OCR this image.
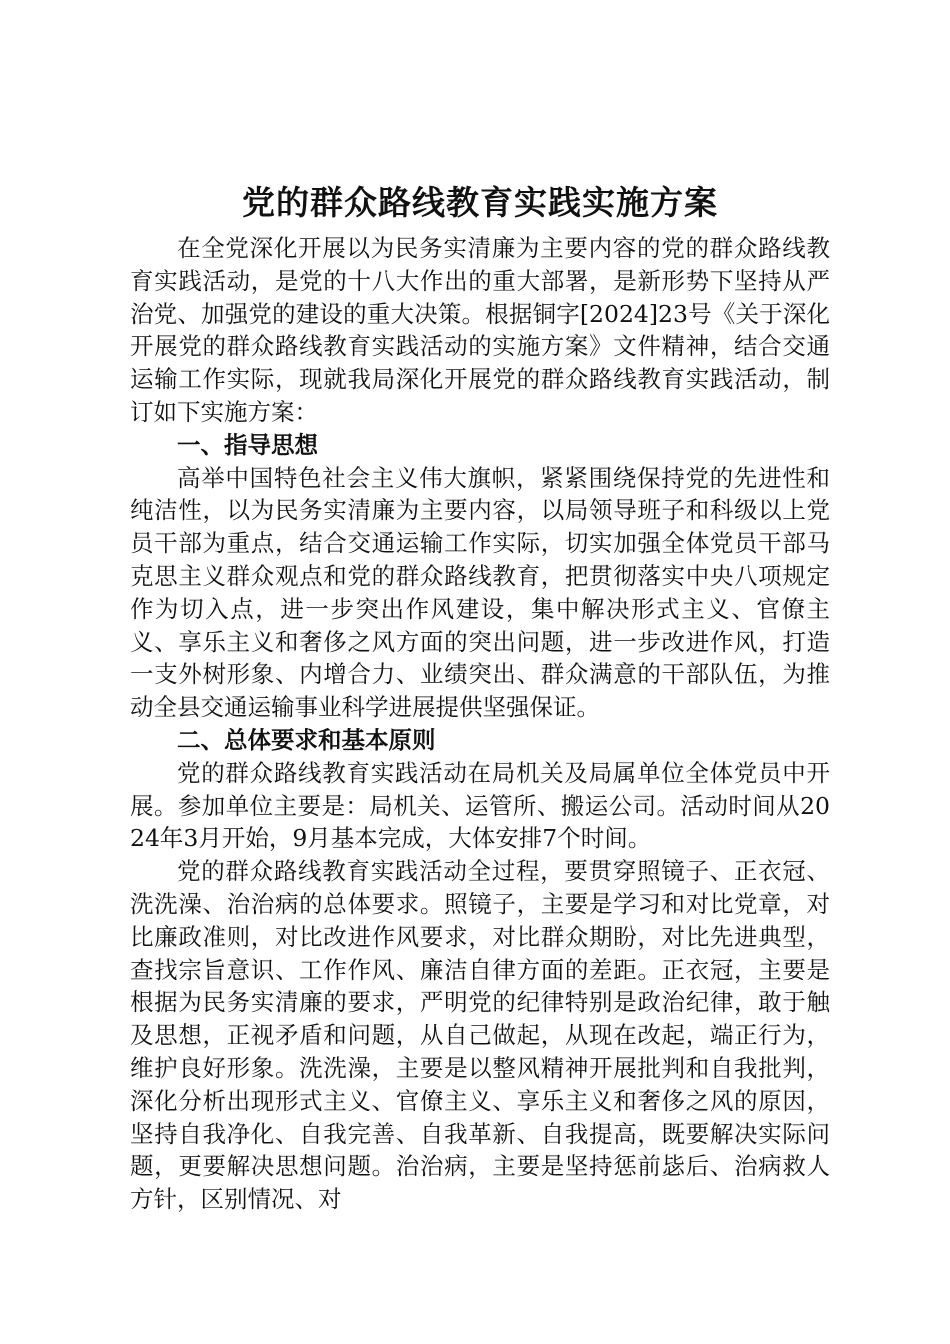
党的群众路线教育实践实施方案

在全党深化开展以为民务实清廉为主要内容的党的群众路线教育实践活动，是党的十八大作出的重大部署，是新形势下坚持从严治党、加强党的建设的重大决策。根据铜字[2024]23号《关于深化开展党的群众路线教育实践活动的实施方案》文件精神，结合交通运输工作实际，现就我局深化开展党的群众路线教育实践活动，制订如下实施方案：

一、指导思想

高举中国特色社会主义伟大旗帜，紧紧围绕保持党的先进性和纯洁性，以为民务实清廉为主要内容，以局领导班子和科级以上党员干部为重点，结合交通运输工作实际，切实加强全体党员干部马克思主义群众观点和党的群众路线教育，把贯彻落实中央八项规定作为切入点，进一步突出作风建设，集中解决形式主义、官僚主义、享乐主义和奢侈之风方面的突出问题，进一步改进作风，打造一支外树形象、内增合力、业绩突出、群众满意的干部队伍，为推动全县交通运输事业科学进展提供坚强保证。

二、总体要求和基本原则

党的群众路线教育实践活动在局机关及局属单位全体党员中开展。参加单位主要是：局机关、运管所、搬运公司。活动时间从2024年3月开始，9月基本完成，大体安排7个时间。

党的群众路线教育实践活动全过程，要贯穿照镜子、正衣冠、洗洗澡、治治病的总体要求。照镜子，主要是学习和对比党章，对比廉政准则，对比改进作风要求，对比群众期盼，对比先进典型，查找宗旨意识、工作作风、廉洁自律方面的差距。正衣冠，主要是根据为民务实清廉的要求，严明党的纪律特别是政治纪律，敢于触及思想，正视矛盾和问题，从自己做起，从现在改起，端正行为，维护良好形象。洗洗澡，主要是以整风精神开展批判和自我批判，深化分析出现形式主义、官僚主义、享乐主义和奢侈之风的原因，坚持自我净化、自我完善、自我革新、自我提高，既要解决实际问题，更要解决思想问题。治治病，主要是坚持惩前毖后、治病救人方针，区别情况、对
